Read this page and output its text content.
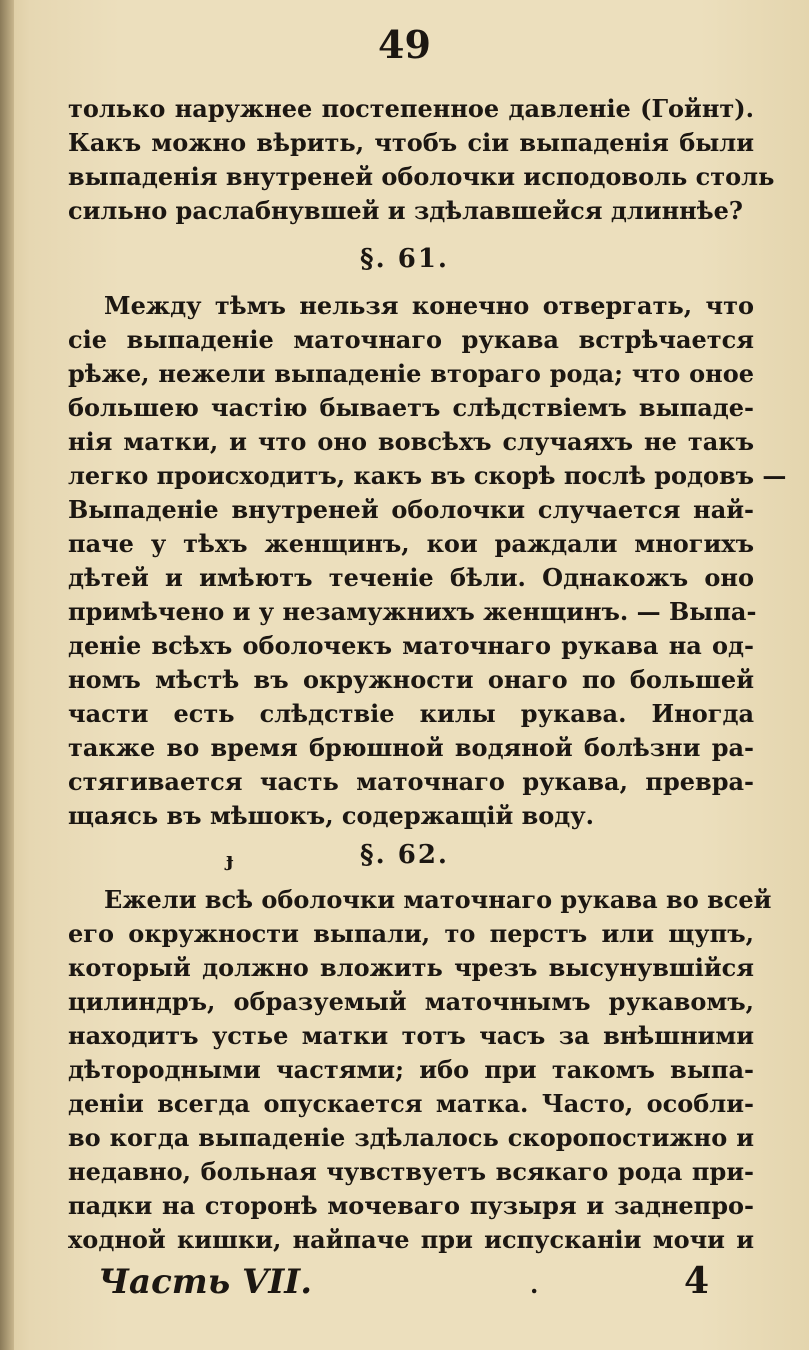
49
только наружнее постепенное давленіе (Гойнт).
Какъ можно вѣрить, чтобъ сіи выпаденія были
выпаденія внутреней оболочки исподоволь столь
сильно раслабнувшей и здѣлавшейся длиннѣе?
§. 61.
Между тѣмъ нельзя конечно отвергать, что
сіе выпаденіе маточнаго рукава встрѣчается
рѣже, нежели выпаденіе втораго рода; что оное
большею частію бываетъ слѣдствіемъ выпаде-
нія матки, и что оно вовсѣхъ случаяхъ не такъ
легко происходитъ, какъ въ скорѣ послѣ родовъ —
Выпаденіе внутреней оболочки случается най-
паче у тѣхъ женщинъ, кои раждали многихъ
дѣтей и имѣютъ теченіе бѣли. Однакожъ оно
примѣчено и у незамужнихъ женщинъ. — Выпа-
деніе всѣхъ оболочекъ маточнаго рукава на од-
номъ мѣстѣ въ окружности онаго по большей
части есть слѣдствіе килы рукава. Иногда
также во время брюшной водяной болѣзни ра-
стягивается часть маточнаго рукава, превра-
щаясь въ мѣшокъ, содержащій воду.
ɟ	§. 62.
Ежели всѣ оболочки маточнаго рукава во всей
его окружности выпали, то перстъ или щупъ,
который должно вложить чрезъ высунувшійся
цилиндръ, образуемый маточнымъ рукавомъ,
находитъ устье матки тотъ часъ за внѣшними
дѣтородными частями; ибо при такомъ выпа-
деніи всегда опускается матка. Часто, особли-
во когда выпаденіе здѣлалось скоропостижно и
недавно, больная чувствуетъ всякаго рода при-
падки на сторонѣ мочеваго пузыря и заднепро-
ходной кишки, найпаче при испусканіи мочи и
Часть VII.	.	4
